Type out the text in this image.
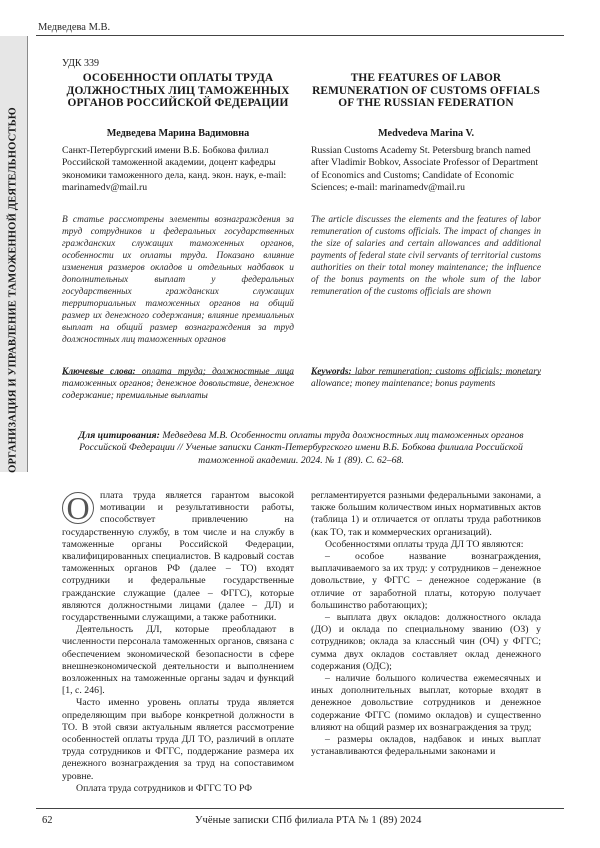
Медведева М.В.
ОРГАНИЗАЦИЯ И УПРАВЛЕНИЕ ТАМОЖЕННОЙ ДЕЯТЕЛЬНОСТЬЮ
УДК 339
ОСОБЕННОСТИ ОПЛАТЫ ТРУДА ДОЛЖНОСТНЫХ ЛИЦ ТАМОЖЕННЫХ ОРГАНОВ РОССИЙСКОЙ ФЕДЕРАЦИИ
Медведева Марина Вадимовна
Санкт-Петербургский имени В.Б. Бобкова филиал Российской таможенной академии, доцент кафедры экономики таможенного дела, канд. экон. наук, e-mail: marinamedv@mail.ru
В статье рассмотрены элементы вознаграждения за труд сотрудников и федеральных государственных гражданских служащих таможенных органов, особенности их оплаты труда. Показано влияние изменения размеров окладов и отдельных надбавок и дополнительных выплат у федеральных государственных гражданских служащих территориальных таможенных органов на общий размер их денежного содержания; влияние премиальных выплат на общий размер вознаграждения за труд должностных лиц таможенных органов
Ключевые слова: оплата труда; должностные лица таможенных органов; денежное довольствие, денежное содержание; премиальные выплаты
THE FEATURES OF LABOR REMUNERATION OF CUSTOMS OFFIALS OF THE RUSSIAN FEDERATION
Medvedeva Marina V.
Russian Customs Academy St. Petersburg branch named after Vladimir Bobkov, Associate Professor of Department of Economics and Customs; Candidate of Economic Sciences; e-mail: marinamedv@mail.ru
The article discusses the elements and the features of labor remuneration of customs officials. The impact of changes in the size of salaries and certain allowances and additional payments of federal state civil servants of territorial customs authorities on their total money maintenance; the influence of the bonus payments on the whole sum of the labor remuneration of the customs officials are shown
Keywords: labor remuneration; customs officials; monetary allowance; money maintenance; bonus payments
Для цитирования: Медведева М.В. Особенности оплаты труда должностных лиц таможенных органов Российской Федерации // Ученые записки Санкт-Петербургского имени В.Б. Бобкова филиала Российской таможенной академии. 2024. № 1 (89). С. 62–68.

О плата труда является гарантом высокой мотивации и результативности работы, способствует привлечению на государственную службу, в том числе и на службу в таможенные органы Российской Федерации, квалифицированных специалистов. В кадровый состав таможенных органов РФ (далее – ТО) входят сотрудники и федеральные государственные гражданские служащие (далее – ФГГС), которые являются должностными лицами (далее – ДЛ) и государственными служащими, а также работники.

Деятельность ДЛ, которые преобладают в численности персонала таможенных органов, связана с обеспечением экономической безопасности в сфере внешнеэкономической деятельности и выполнением возложенных на таможенные органы задач и функций [1, с. 246].

Часто именно уровень оплаты труда является определяющим при выборе конкретной должности в ТО. В этой связи актуальным является рассмотрение особенностей оплаты труда ДЛ ТО, различий в оплате труда сотрудников и ФГГС, поддержание размера их денежного вознаграждения за труд на сопоставимом уровне.

Оплата труда сотрудников и ФГГС ТО РФ

регламентируется разными федеральными законами, а также большим количеством иных нормативных актов (таблица 1) и отличается от оплаты труда работников (как ТО, так и коммерческих организаций).

Особенностями оплаты труда ДЛ ТО являются:

– особое название вознаграждения, выплачиваемого за их труд: у сотрудников – денежное довольствие, у ФГГС – денежное содержание (в отличие от заработной платы, которую получает большинство работающих);

– выплата двух окладов: должностного оклада (ДО) и оклада по специальному званию (ОЗ) у сотрудников; оклада за классный чин (ОЧ) у ФГГС; сумма двух окладов составляет оклад денежного содержания (ОДС);

– наличие большого количества ежемесячных и иных дополнительных выплат, которые входят в денежное довольствие сотрудников и денежное содержание ФГГС (помимо окладов) и существенно влияют на общий размер их вознаграждения за труд;

– размеры окладов, надбавок и иных выплат устанавливаются федеральными законами и

62	Учёные записки СПб филиала РТА № 1 (89) 2024
